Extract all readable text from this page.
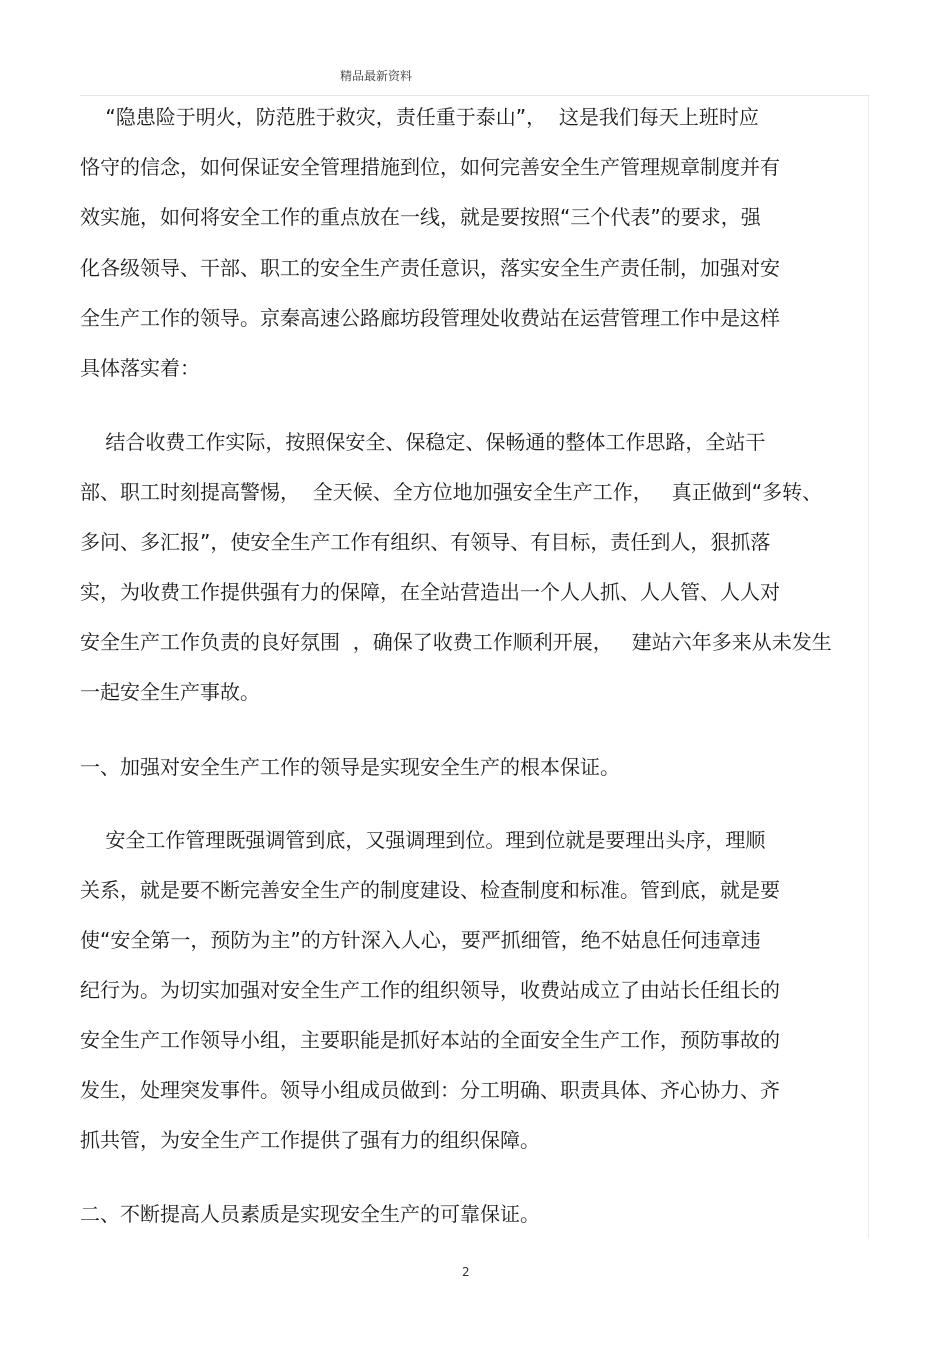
精品最新资料
“隐患险于明火，防范胜于救灾，责任重于泰山”，  这是我们每天上班时应
恪守的信念，如何保证安全管理措施到位，如何完善安全生产管理规章制度并有
效实施，如何将安全工作的重点放在一线，就是要按照“三个代表”的要求，强
化各级领导、干部、职工的安全生产责任意识，落实安全生产责任制，加强对安
全生产工作的领导。京秦高速公路廊坊段管理处收费站在运营管理工作中是这样
具体落实着：
结合收费工作实际，按照保安全、保稳定、保畅通的整体工作思路，全站干
部、职工时刻提高警惕，  全天候、全方位地加强安全生产工作，   真正做到“多转、
多问、多汇报”，使安全生产工作有组织、有领导、有目标，责任到人，狠抓落
实，为收费工作提供强有力的保障，在全站营造出一个人人抓、人人管、人人对
安全生产工作负责的良好氛围  ，确保了收费工作顺利开展，   建站六年多来从未发生
一起安全生产事故。
一、加强对安全生产工作的领导是实现安全生产的根本保证。
安全工作管理既强调管到底，又强调理到位。理到位就是要理出头序，理顺
关系，就是要不断完善安全生产的制度建设、检查制度和标准。管到底，就是要
使“安全第一，预防为主”的方针深入人心，要严抓细管，绝不姑息任何违章违
纪行为。为切实加强对安全生产工作的组织领导，收费站成立了由站长任组长的
安全生产工作领导小组，主要职能是抓好本站的全面安全生产工作，预防事故的
发生，处理突发事件。领导小组成员做到：分工明确、职责具体、齐心协力、齐
抓共管，为安全生产工作提供了强有力的组织保障。
二、不断提高人员素质是实现安全生产的可靠保证。
2
